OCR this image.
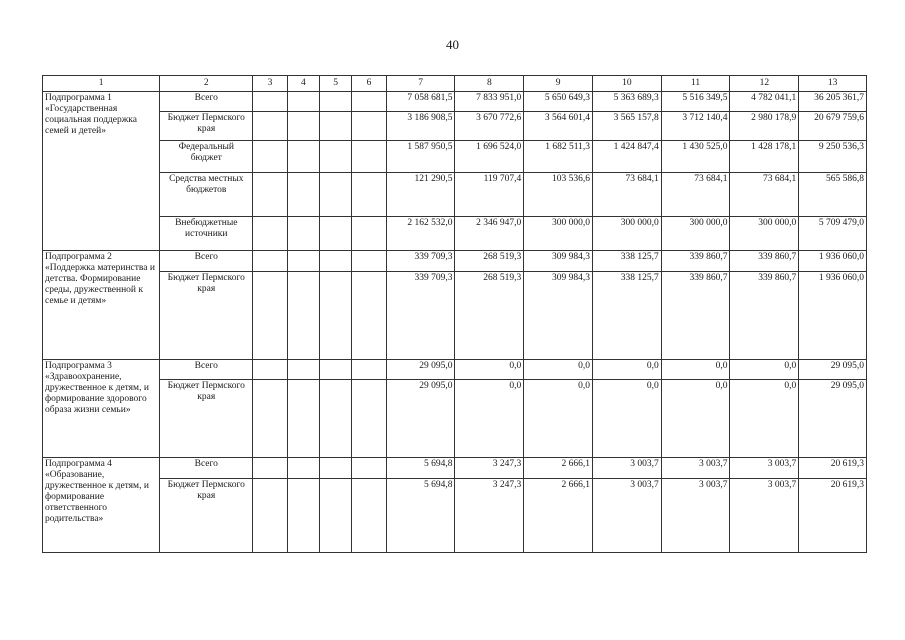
40
1	2	3	4	5	6	7	8	9	10	11	12	13
Подпрограмма 1 «Государственная социальная поддержка семей и детей»	Всего					7 058 681,5	7 833 951,0	5 650 649,3	5 363 689,3	5 516 349,5	4 782 041,1	36 205 361,7
	Бюджет Пермского края					3 186 908,5	3 670 772,6	3 564 601,4	3 565 157,8	3 712 140,4	2 980 178,9	20 679 759,6
	Федеральный бюджет					1 587 950,5	1 696 524,0	1 682 511,3	1 424 847,4	1 430 525,0	1 428 178,1	9 250 536,3
	Средства местных бюджетов					121 290,5	119 707,4	103 536,6	73 684,1	73 684,1	73 684,1	565 586,8
	Внебюджетные источники					2 162 532,0	2 346 947,0	300 000,0	300 000,0	300 000,0	300 000,0	5 709 479,0
Подпрограмма 2 «Поддержка материнства и детства. Формирование среды, дружественной к семье и детям»	Всего					339 709,3	268 519,3	309 984,3	338 125,7	339 860,7	339 860,7	1 936 060,0
	Бюджет Пермского края					339 709,3	268 519,3	309 984,3	338 125,7	339 860,7	339 860,7	1 936 060,0
Подпрограмма 3 «Здравоохранение, дружественное к детям, и формирование здорового образа жизни семьи»	Всего					29 095,0	0,0	0,0	0,0	0,0	0,0	29 095,0
	Бюджет Пермского края					29 095,0	0,0	0,0	0,0	0,0	0,0	29 095,0
Подпрограмма 4 «Образование, дружественное к детям, и формирование ответственного родительства»	Всего					5 694,8	3 247,3	2 666,1	3 003,7	3 003,7	3 003,7	20 619,3
	Бюджет Пермского края					5 694,8	3 247,3	2 666,1	3 003,7	3 003,7	3 003,7	20 619,3
